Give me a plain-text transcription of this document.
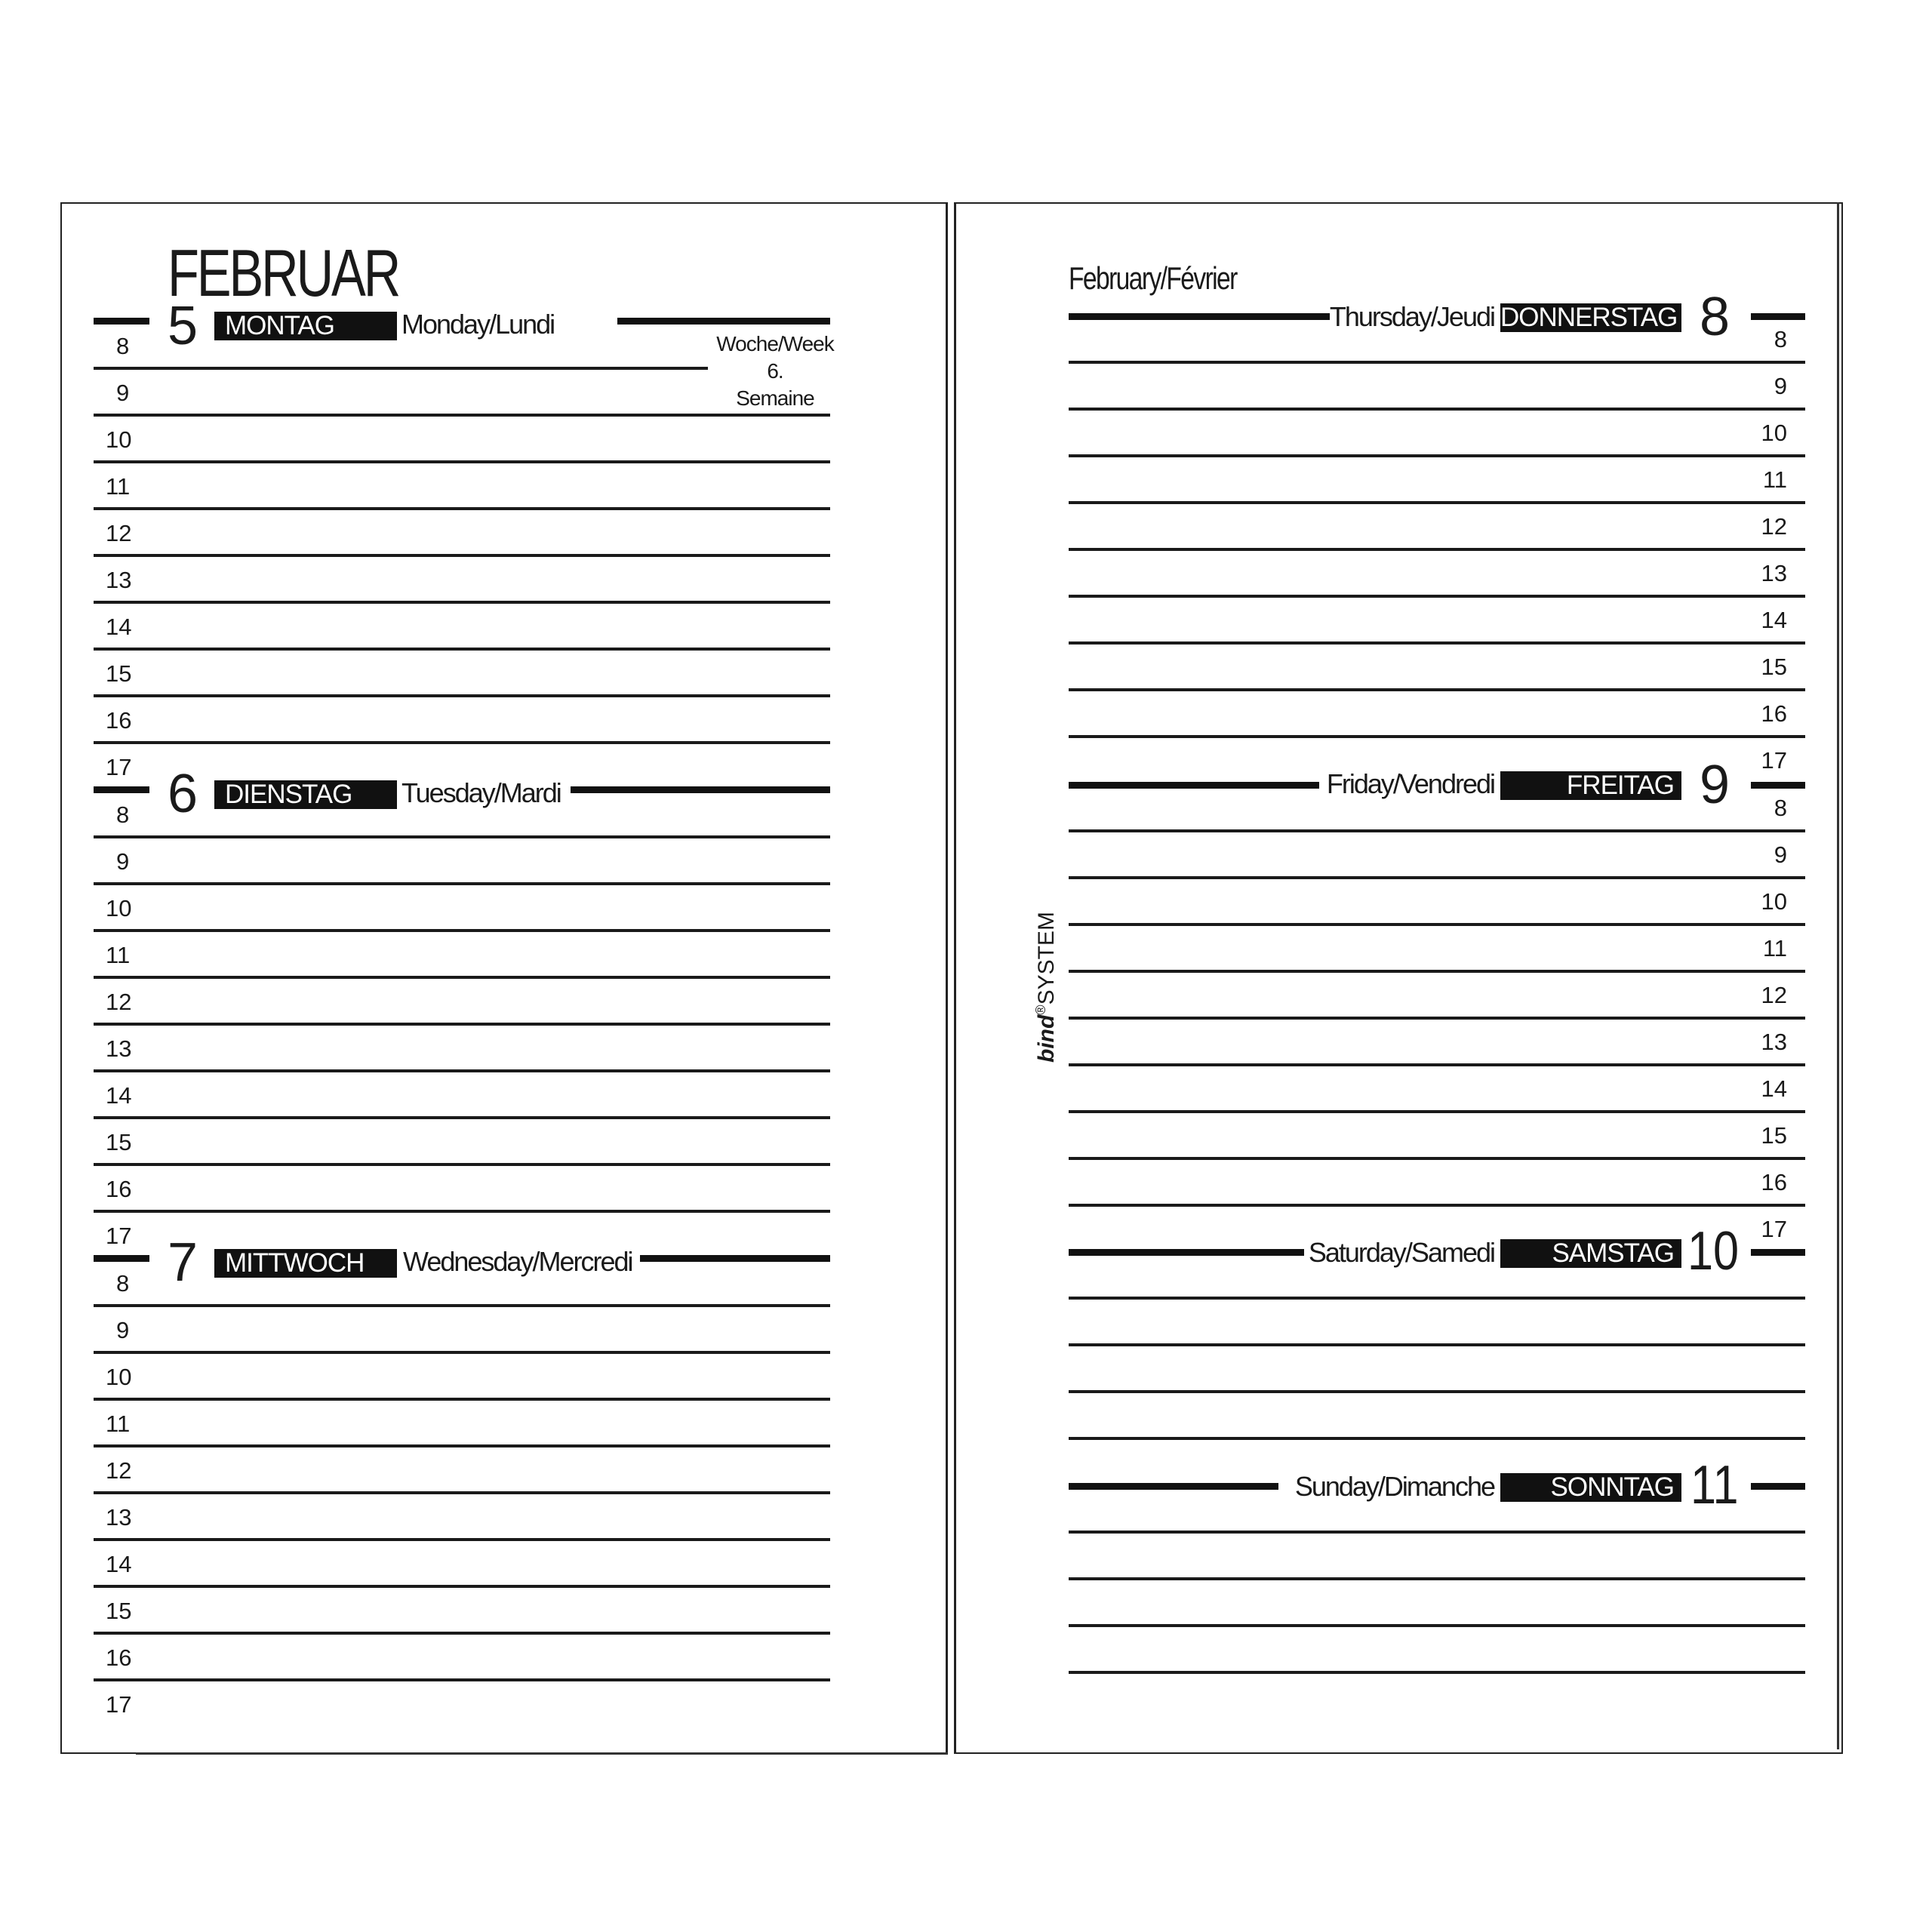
FEBRUAR
Woche/Week
6.
Semaine
5	MONTAG	Monday/Lundi
6	DIENSTAG	Tuesday/Mardi
7	MITTWOCH	Wednesday/Mercredi
8
9
10
11
12
13
14
15
16
17
8
9
10
11
12
13
14
15
16
17
8
9
10
11
12
13
14
15
16
17
February/Février
bind®SYSTEM
Thursday/Jeudi DONNERSTAG 8
Friday/Vendredi	FREITAG 9
Saturday/Samedi	SAMSTAG 10
Sunday/Dimanche	SONNTAG 11
8
9
10
11
12
13
14
15
16
17
8
9
10
11
12
13
14
15
16
17
